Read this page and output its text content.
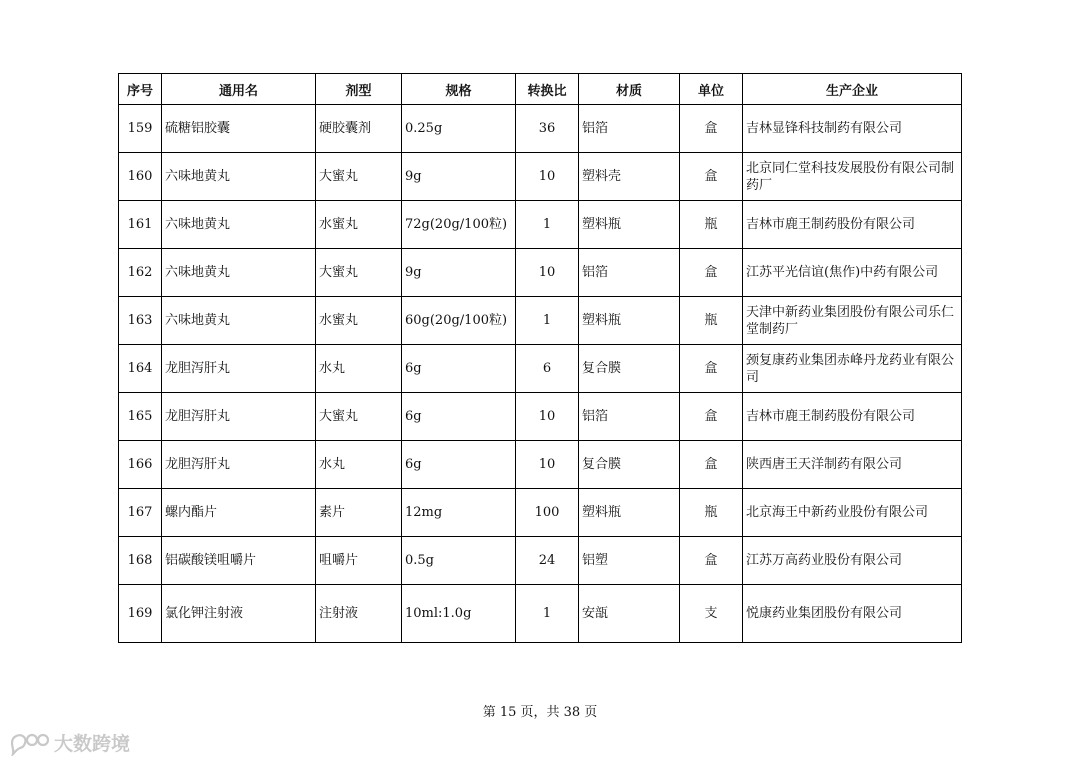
序号	通用名	剂型	规格	转换比	材质	单位	生产企业
159	硫糖铝胶囊	硬胶囊剂	0.25g	36	铝箔	盒	吉林显锋科技制药有限公司
160	六味地黄丸	大蜜丸	9g	10	塑料壳	盒	北京同仁堂科技发展股份有限公司制药厂
161	六味地黄丸	水蜜丸	72g(20g/100粒)	1	塑料瓶	瓶	吉林市鹿王制药股份有限公司
162	六味地黄丸	大蜜丸	9g	10	铝箔	盒	江苏平光信谊(焦作)中药有限公司
163	六味地黄丸	水蜜丸	60g(20g/100粒)	1	塑料瓶	瓶	天津中新药业集团股份有限公司乐仁堂制药厂
164	龙胆泻肝丸	水丸	6g	6	复合膜	盒	颈复康药业集团赤峰丹龙药业有限公司
165	龙胆泻肝丸	大蜜丸	6g	10	铝箔	盒	吉林市鹿王制药股份有限公司
166	龙胆泻肝丸	水丸	6g	10	复合膜	盒	陕西唐王天洋制药有限公司
167	螺内酯片	素片	12mg	100	塑料瓶	瓶	北京海王中新药业股份有限公司
168	铝碳酸镁咀嚼片	咀嚼片	0.5g	24	铝塑	盒	江苏万高药业股份有限公司
169	氯化钾注射液	注射液	10ml:1.0g	1	安瓿	支	悦康药业集团股份有限公司
第 15 页，共 38 页
大数跨境
